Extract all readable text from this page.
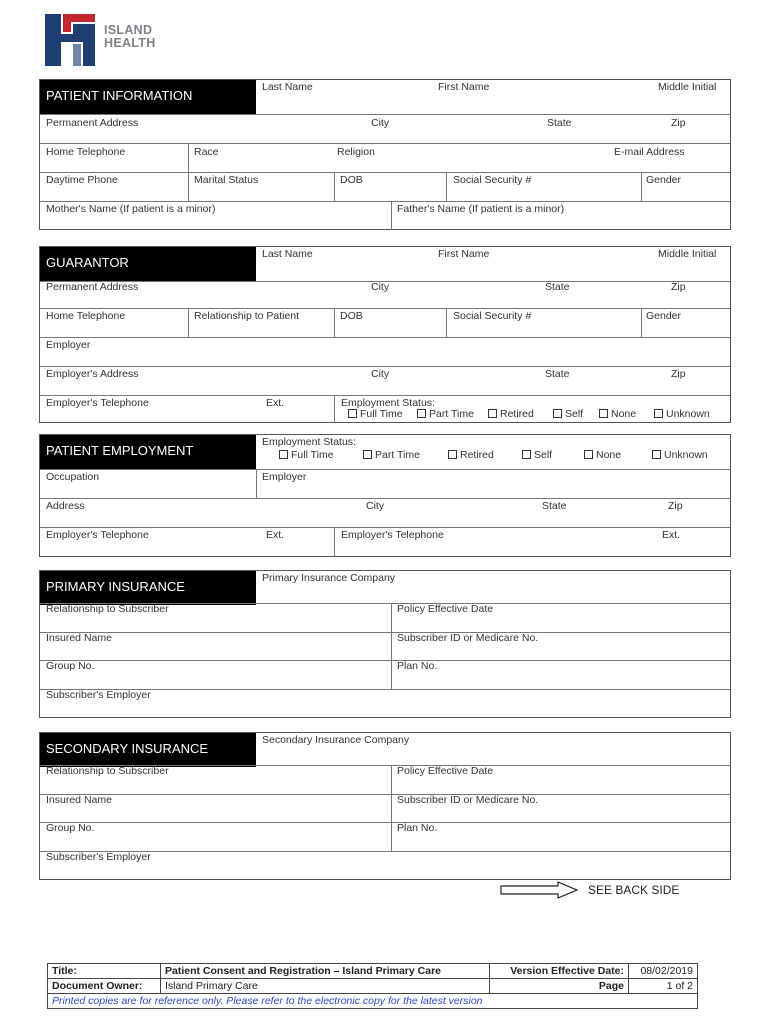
ISLAND
HEALTH
PATIENT INFORMATION
Last Name	First Name	Middle Initial
Permanent Address	City	State	Zip
Home Telephone	Race	Religion	E-mail Address
Daytime Phone	Marital Status	DOB	Social Security #	Gender
Mother's Name (If patient is a minor)	Father's Name (If patient is a minor)
GUARANTOR
Last Name	First Name	Middle Initial
Permanent Address	City	State	Zip
Home Telephone	Relationship to Patient	DOB	Social Security #	Gender
Employer
Employer's Address	City	State	Zip
Employer's Telephone	Ext.	Employment Status:
Full Time	Part Time	Retired	Self	None	Unknown
PATIENT EMPLOYMENT
Employment Status:
Full Time	Part Time	Retired	Self	None	Unknown
Occupation	Employer
Address	City	State	Zip
Employer's Telephone	Ext.	Employer's Telephone	Ext.
PRIMARY INSURANCE
Primary Insurance Company
Relationship to Subscriber	Policy Effective Date
Insured Name	Subscriber ID or Medicare No.
Group No.	Plan No.
Subscriber's Employer
SECONDARY INSURANCE
Secondary Insurance Company
Relationship to Subscriber	Policy Effective Date
Insured Name	Subscriber ID or Medicare No.
Group No.	Plan No.
Subscriber's Employer
SEE BACK SIDE
Title:	Patient Consent and Registration – Island Primary Care	Version Effective Date:	08/02/2019
Document Owner:	Island Primary Care	Page	1 of 2
Printed copies are for reference only. Please refer to the electronic copy for the latest version			
